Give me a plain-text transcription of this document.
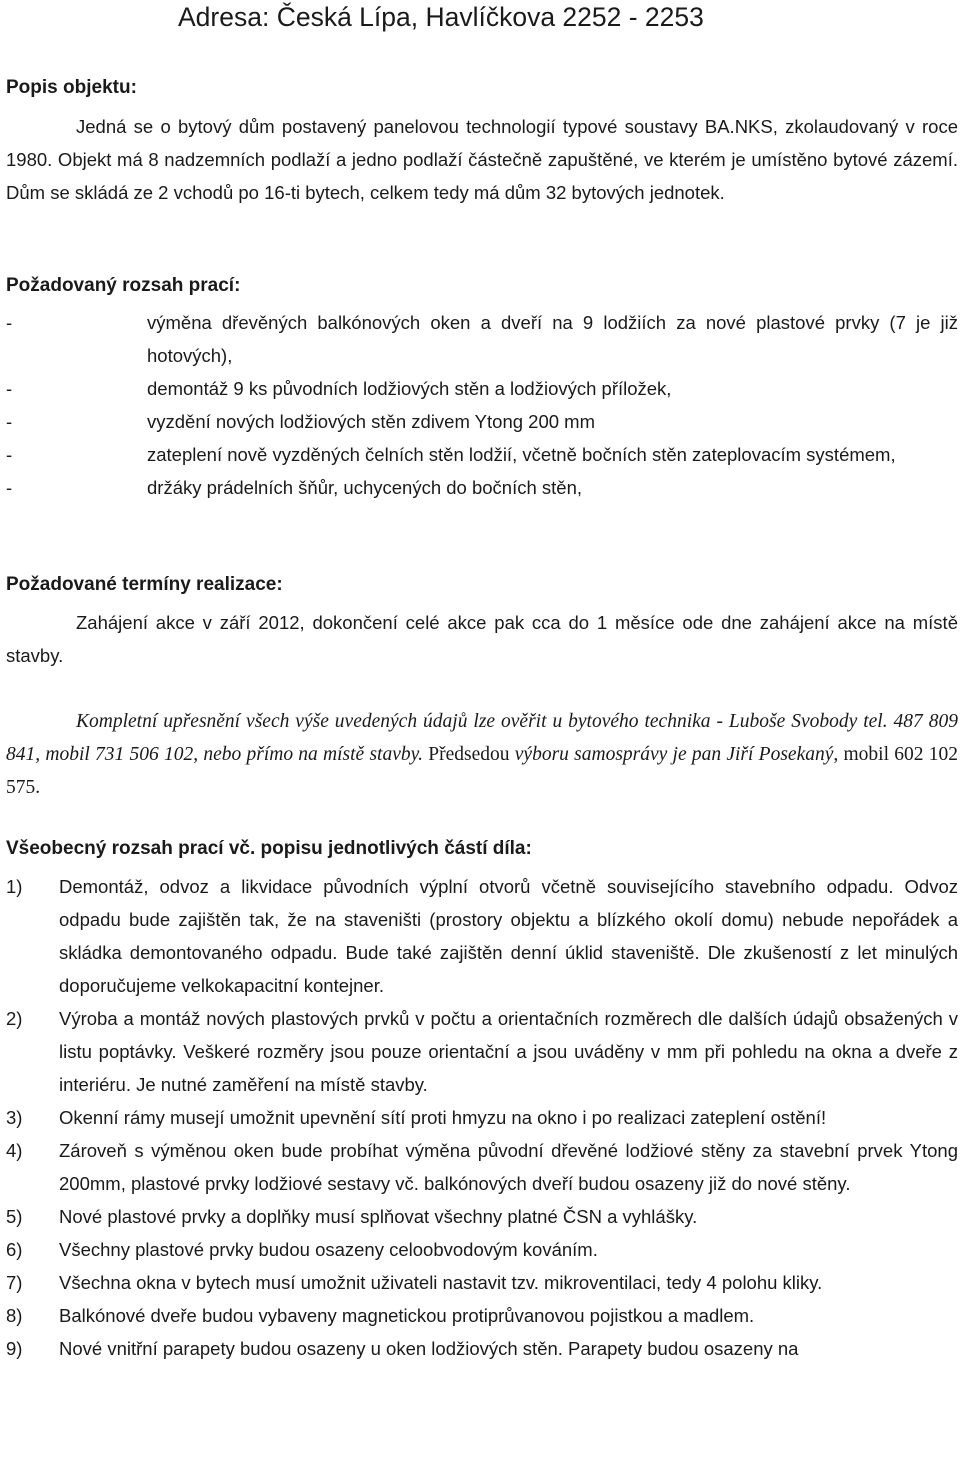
Adresa: Česká Lípa, Havlíčkova 2252 - 2253
Popis objektu:
Jedná se o bytový dům postavený panelovou technologií typové soustavy BA.NKS, zkolaudovaný v roce 1980. Objekt má 8 nadzemních podlaží a jedno podlaží částečně zapuštěné, ve kterém je umístěno bytové zázemí. Dům se skládá ze 2 vchodů po 16-ti bytech, celkem tedy má dům 32 bytových jednotek.
Požadovaný rozsah prací:
-	výměna dřevěných balkónových oken a dveří na 9 lodžiích za nové plastové prvky (7 je již hotových),
-	demontáž 9 ks původních lodžiových stěn a lodžiových příložek,
-	vyzdění nových lodžiových stěn zdivem Ytong 200 mm
-	zateplení nově vyzděných čelních stěn lodžií, včetně bočních stěn zateplovacím systémem,
-	držáky prádelních šňůr, uchycených do bočních stěn,
Požadované termíny realizace:
Zahájení akce v září 2012, dokončení celé akce pak cca do 1 měsíce ode dne zahájení akce na místě stavby.
Kompletní upřesnění všech výše uvedených údajů lze ověřit u bytového technika - Luboše Svobody tel. 487 809 841, mobil 731 506 102, nebo přímo na místě stavby. Předsedou výboru samosprávy je pan Jiří Posekaný, mobil 602 102 575.
Všeobecný rozsah prací vč. popisu jednotlivých částí díla:
1) Demontáž, odvoz a likvidace původních výplní otvorů včetně souvisejícího stavebního odpadu. Odvoz odpadu bude zajištěn tak, že na staveništi (prostory objektu a blízkého okolí domu) nebude nepořádek a skládka demontovaného odpadu. Bude také zajištěn denní úklid staveniště. Dle zkušeností z let minulých doporučujeme velkokapacitní kontejner.
2) Výroba a montáž nových plastových prvků v počtu a orientačních rozměrech dle dalších údajů obsažených v listu poptávky. Veškeré rozměry jsou pouze orientační a jsou uváděny v mm při pohledu na okna a dveře z interiéru. Je nutné zaměření na místě stavby.
3) Okenní rámy musejí umožnit upevnění sítí proti hmyzu na okno i po realizaci zateplení ostění!
4) Zároveň s výměnou oken bude probíhat výměna původní dřevěné lodžiové stěny za stavební prvek Ytong 200mm, plastové prvky lodžiové sestavy vč. balkónových dveří budou osazeny již do nové stěny.
5) Nové plastové prvky a doplňky musí splňovat všechny platné ČSN a vyhlášky.
6) Všechny plastové prvky budou osazeny celoobvodovým kováním.
7) Všechna okna v bytech musí umožnit uživateli nastavit tzv. mikroventilaci, tedy 4 polohu kliky.
8) Balkónové dveře budou vybaveny magnetickou protiprůvanovou pojistkou a madlem.
9) Nové vnitřní parapety budou osazeny u oken lodžiových stěn. Parapety budou osazeny na
